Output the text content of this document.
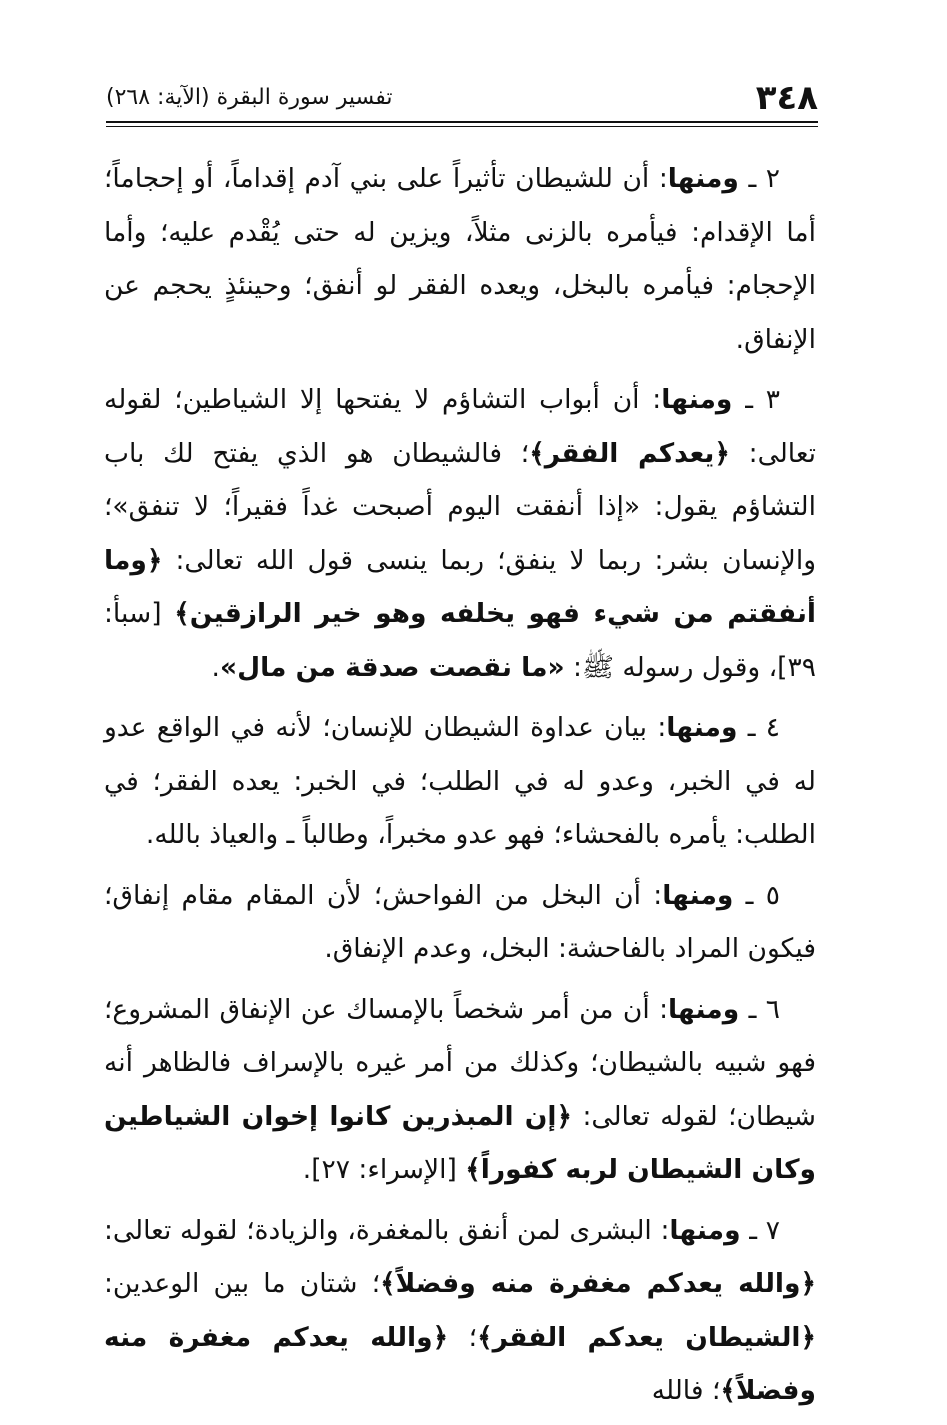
٣٤٨
تفسير سورة البقرة (الآية: ٢٦٨)

٢ ـ ومنها: أن للشيطان تأثيراً على بني آدم إقداماً، أو إحجاماً؛ أما الإقدام: فيأمره بالزنى مثلاً، ويزين له حتى يُقْدم عليه؛ وأما الإحجام: فيأمره بالبخل، ويعده الفقر لو أنفق؛ وحينئذٍ يحجم عن الإنفاق.

٣ ـ ومنها: أن أبواب التشاؤم لا يفتحها إلا الشياطين؛ لقوله تعالى: ﴿يعدكم الفقر﴾؛ فالشيطان هو الذي يفتح لك باب التشاؤم يقول: «إذا أنفقت اليوم أصبحت غداً فقيراً؛ لا تنفق»؛ والإنسان بشر: ربما لا ينفق؛ ربما ينسى قول الله تعالى: ﴿وما أنفقتم من شيء فهو يخلفه وهو خير الرازقين﴾ [سبأ: ٣٩]، وقول رسوله ﷺ: «ما نقصت صدقة من مال».

٤ ـ ومنها: بيان عداوة الشيطان للإنسان؛ لأنه في الواقع عدو له في الخبر، وعدو له في الطلب؛ في الخبر: يعده الفقر؛ في الطلب: يأمره بالفحشاء؛ فهو عدو مخبراً، وطالباً ـ والعياذ بالله.

٥ ـ ومنها: أن البخل من الفواحش؛ لأن المقام مقام إنفاق؛ فيكون المراد بالفاحشة: البخل، وعدم الإنفاق.

٦ ـ ومنها: أن من أمر شخصاً بالإمساك عن الإنفاق المشروع؛ فهو شبيه بالشيطان؛ وكذلك من أمر غيره بالإسراف فالظاهر أنه شيطان؛ لقوله تعالى: ﴿إن المبذرين كانوا إخوان الشياطين وكان الشيطان لربه كفوراً﴾ [الإسراء: ٢٧].

٧ ـ ومنها: البشرى لمن أنفق بالمغفرة، والزيادة؛ لقوله تعالى: ﴿والله يعدكم مغفرة منه وفضلاً﴾؛ شتان ما بين الوعدين: ﴿الشيطان يعدكم الفقر﴾؛ ﴿والله يعدكم مغفرة منه وفضلاً﴾؛ فالله
